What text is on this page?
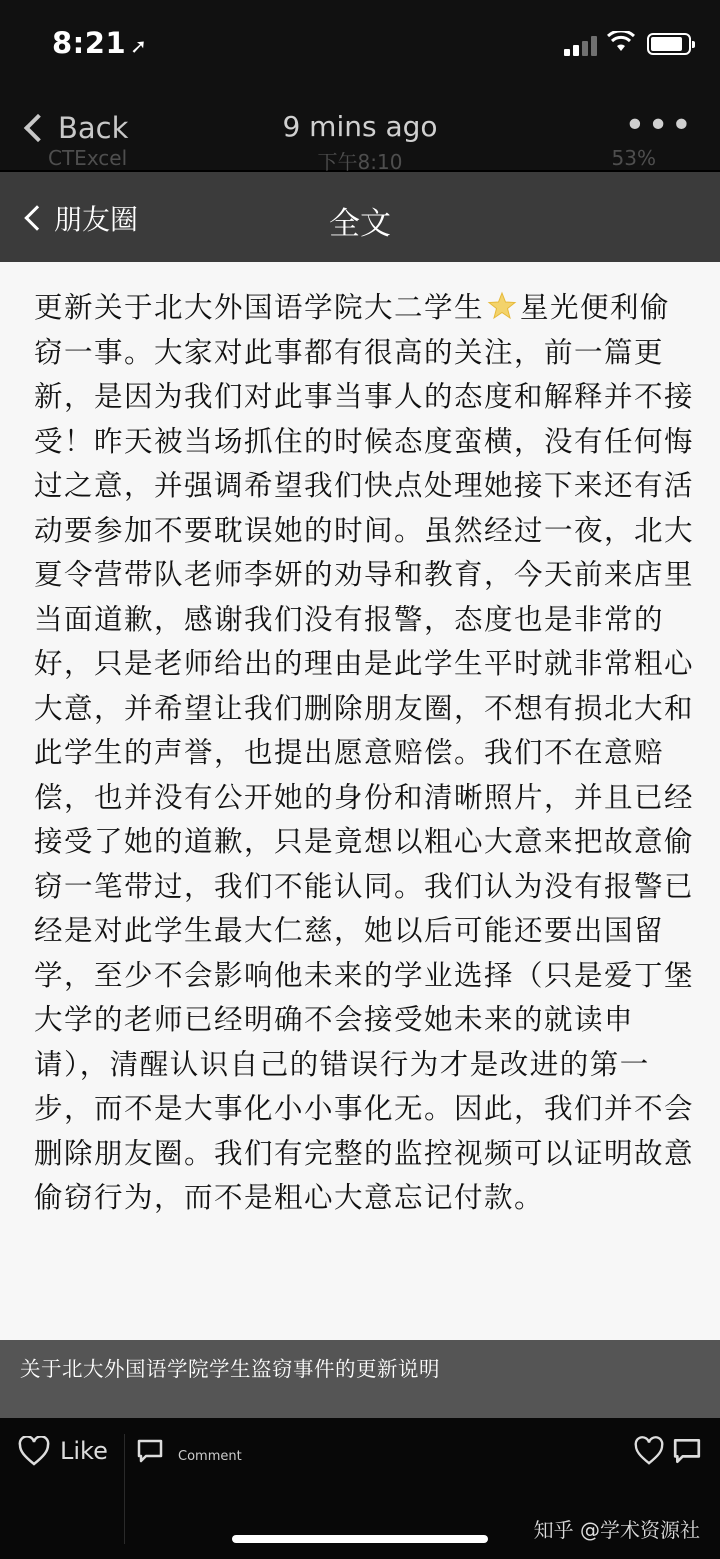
8:21 ➚
Back	9 mins ago	•••
CTExcel	下午8:10	53%
朋友圈	全文
更新关于北大外国语学院大二学生 星光便利偷窃一事。大家对此事都有很高的关注，前一篇更新，是因为我们对此事当事人的态度和解释并不接受！昨天被当场抓住的时候态度蛮横，没有任何悔过之意，并强调希望我们快点处理她接下来还有活动要参加不要耽误她的时间。虽然经过一夜，北大夏令营带队老师李妍的劝导和教育，今天前来店里当面道歉，感谢我们没有报警，态度也是非常的好，只是老师给出的理由是此学生平时就非常粗心大意，并希望让我们删除朋友圈，不想有损北大和此学生的声誉，也提出愿意赔偿。我们不在意赔偿，也并没有公开她的身份和清晰照片，并且已经接受了她的道歉，只是竟想以粗心大意来把故意偷窃一笔带过，我们不能认同。我们认为没有报警已经是对此学生最大仁慈，她以后可能还要出国留学，至少不会影响他未来的学业选择（只是爱丁堡大学的老师已经明确不会接受她未来的就读申请），清醒认识自己的错误行为才是改进的第一步，而不是大事化小小事化无。因此，我们并不会删除朋友圈。我们有完整的监控视频可以证明故意偷窃行为，而不是粗心大意忘记付款。
关于北大外国语学院学生盗窃事件的更新说明
Like	Comment
知乎 @学术资源社
